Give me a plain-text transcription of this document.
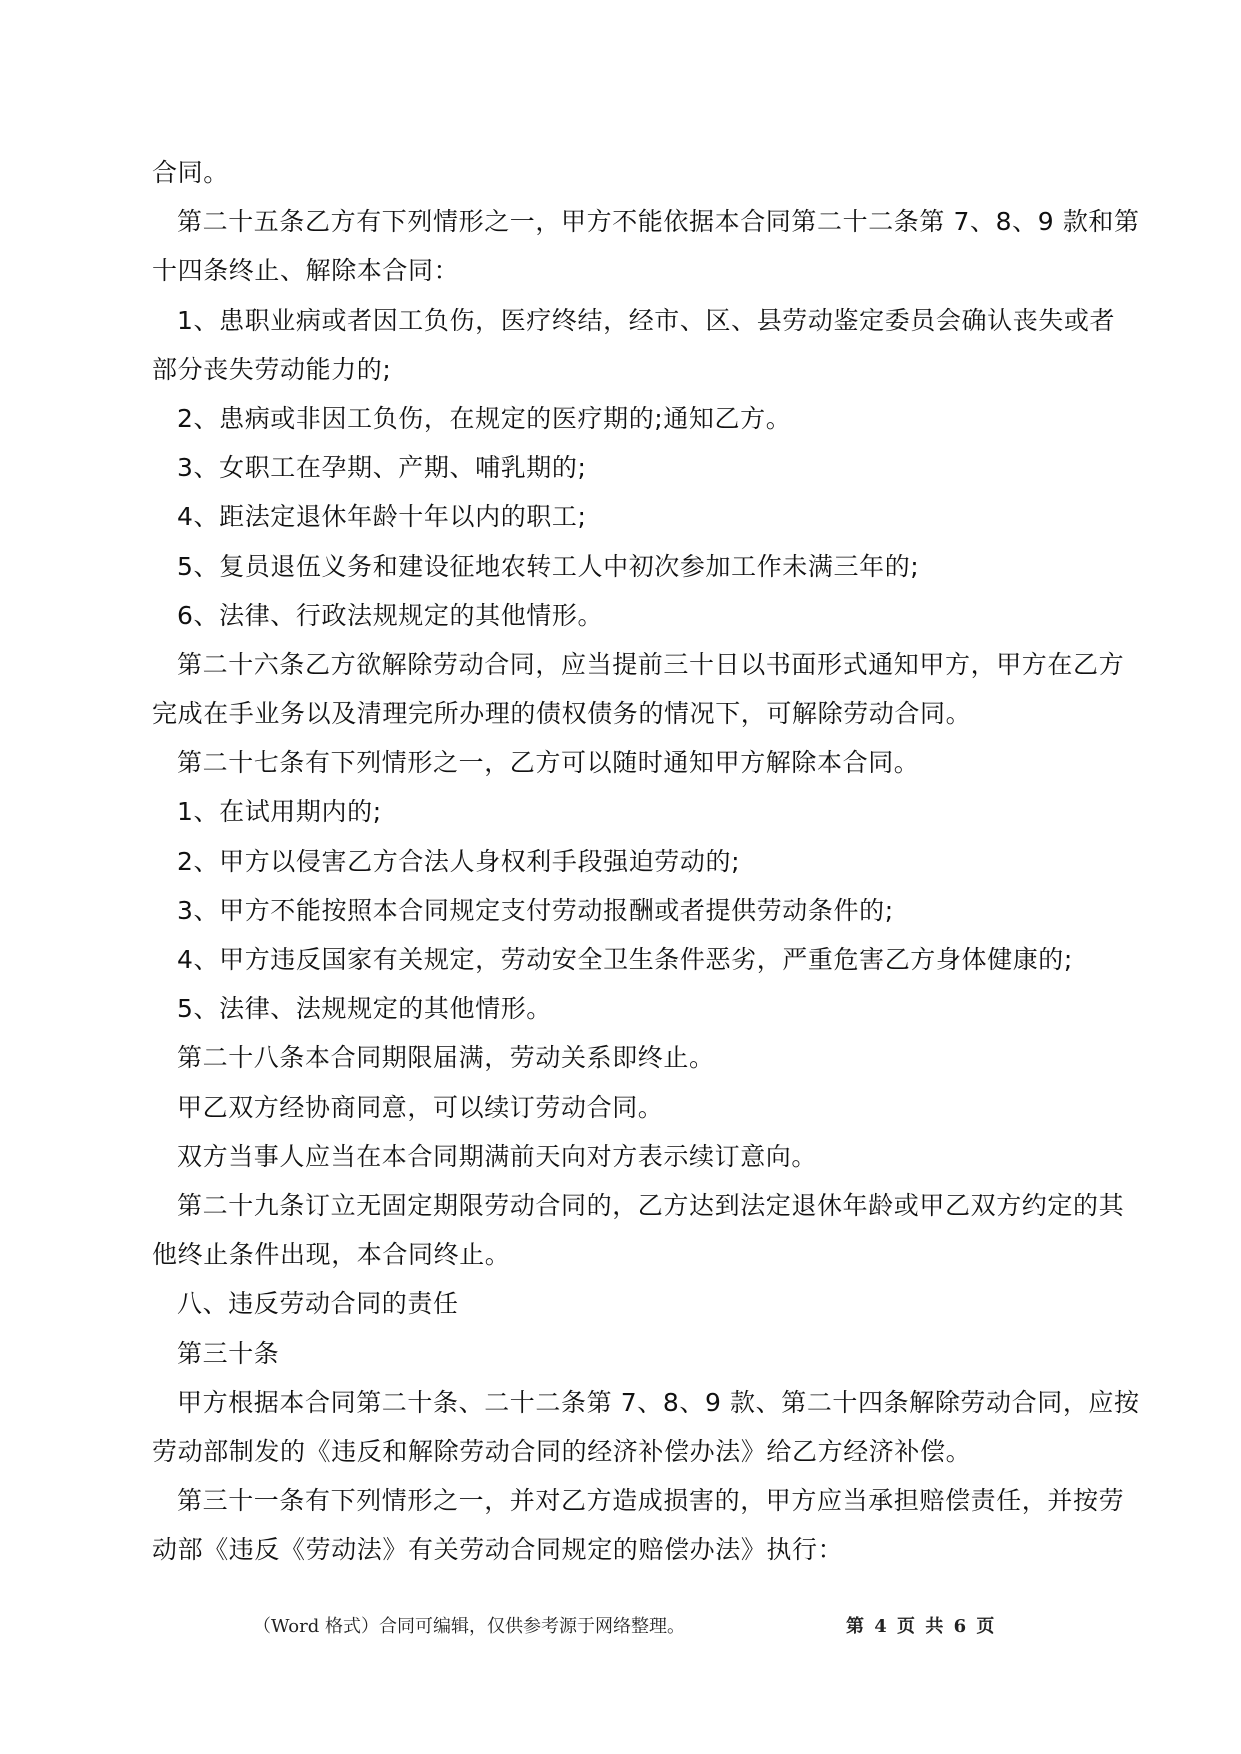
合同。
第二十五条乙方有下列情形之一，甲方不能依据本合同第二十二条第 7、8、9 款和第
十四条终止、解除本合同：
1、患职业病或者因工负伤，医疗终结，经市、区、县劳动鉴定委员会确认丧失或者
部分丧失劳动能力的;
2、患病或非因工负伤，在规定的医疗期的;通知乙方。
3、女职工在孕期、产期、哺乳期的;
4、距法定退休年龄十年以内的职工;
5、复员退伍义务和建设征地农转工人中初次参加工作未满三年的;
6、法律、行政法规规定的其他情形。
第二十六条乙方欲解除劳动合同，应当提前三十日以书面形式通知甲方，甲方在乙方
完成在手业务以及清理完所办理的债权债务的情况下，可解除劳动合同。
第二十七条有下列情形之一，乙方可以随时通知甲方解除本合同。
1、在试用期内的;
2、甲方以侵害乙方合法人身权利手段强迫劳动的;
3、甲方不能按照本合同规定支付劳动报酬或者提供劳动条件的;
4、甲方违反国家有关规定，劳动安全卫生条件恶劣，严重危害乙方身体健康的;
5、法律、法规规定的其他情形。
第二十八条本合同期限届满，劳动关系即终止。
甲乙双方经协商同意，可以续订劳动合同。
双方当事人应当在本合同期满前天向对方表示续订意向。
第二十九条订立无固定期限劳动合同的，乙方达到法定退休年龄或甲乙双方约定的其
他终止条件出现，本合同终止。
八、违反劳动合同的责任
第三十条
甲方根据本合同第二十条、二十二条第 7、8、9 款、第二十四条解除劳动合同，应按
劳动部制发的《违反和解除劳动合同的经济补偿办法》给乙方经济补偿。
第三十一条有下列情形之一，并对乙方造成损害的，甲方应当承担赔偿责任，并按劳
动部《违反《劳动法》有关劳动合同规定的赔偿办法》执行：
（Word 格式）合同可编辑，仅供参考源于网络整理。	第 4 页 共 6 页
